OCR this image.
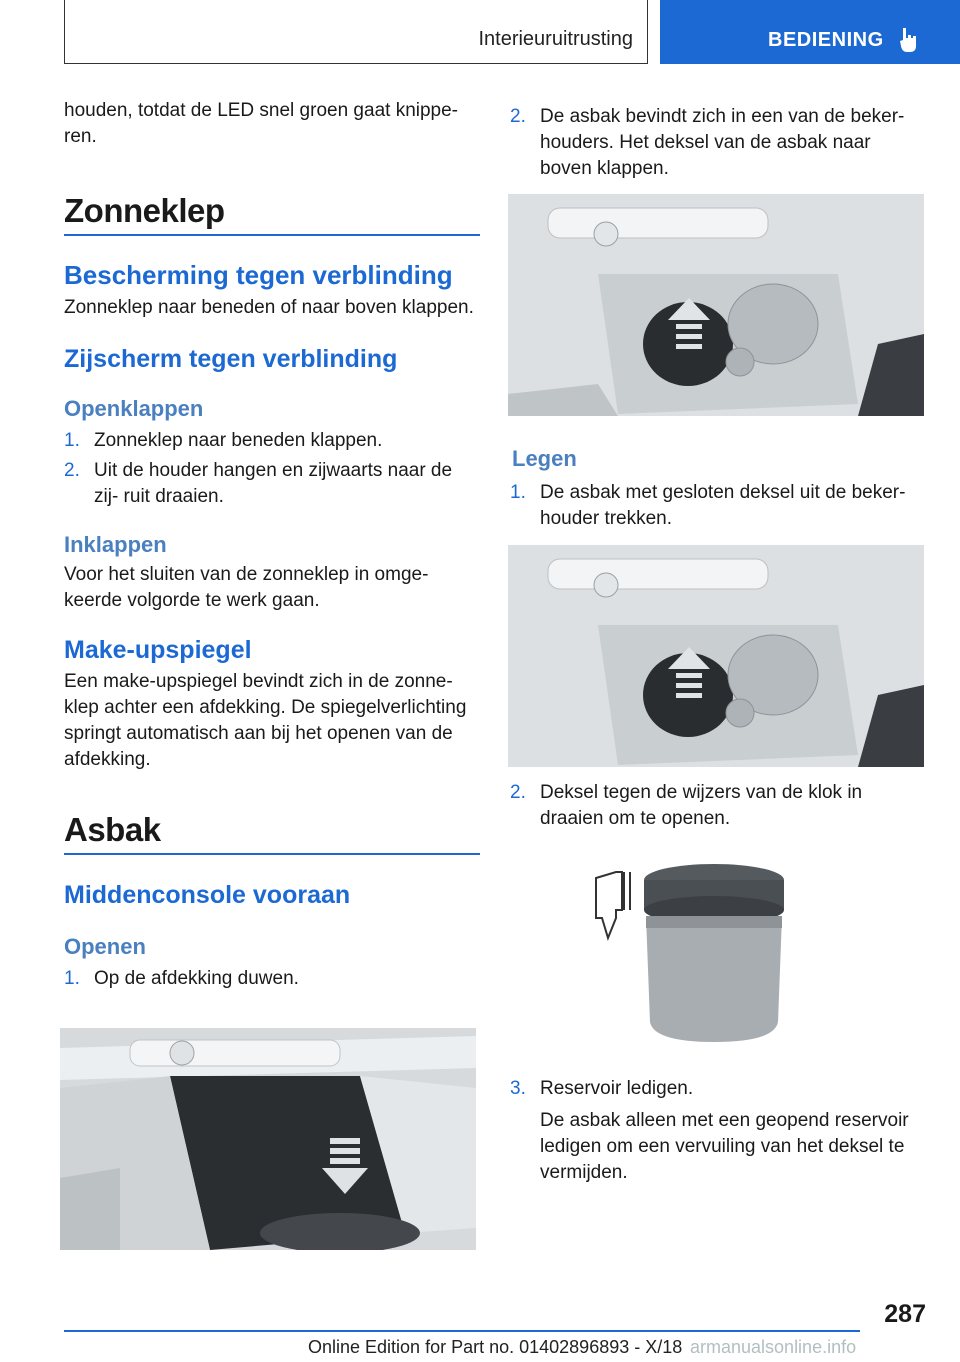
Interieuruitrusting	BEDIENING

houden, totdat de LED snel groen gaat knippe- ren.

Zonneklep
Bescherming tegen verblinding

Zonneklep naar beneden of naar boven klappen.

Zijscherm tegen verblinding
Openklappen
1. Zonneklep naar beneden klappen.
2. Uit de houder hangen en zijwaarts naar de zij- ruit draaien.
Inklappen

Voor het sluiten van de zonneklep in omge- keerde volgorde te werk gaan.

Make-upspiegel

Een make-upspiegel bevindt zich in de zonne- klep achter een afdekking. De spiegelverlichting springt automatisch aan bij het openen van de afdekking.

Asbak
Middenconsole vooraan
Openen
1. Op de afdekking duwen.
2. De asbak bevindt zich in een van de beker- houders. Het deksel van de asbak naar boven klappen.
Legen
1. De asbak met gesloten deksel uit de beker- houder trekken.
2. Deksel tegen de wijzers van de klok in draaien om te openen.
3. Reservoir ledigen.

De asbak alleen met een geopend reservoir ledigen om een vervuiling van het deksel te vermijden.

287
Online Edition for Part no. 01402896893 - X/18 armanualsonline.info
